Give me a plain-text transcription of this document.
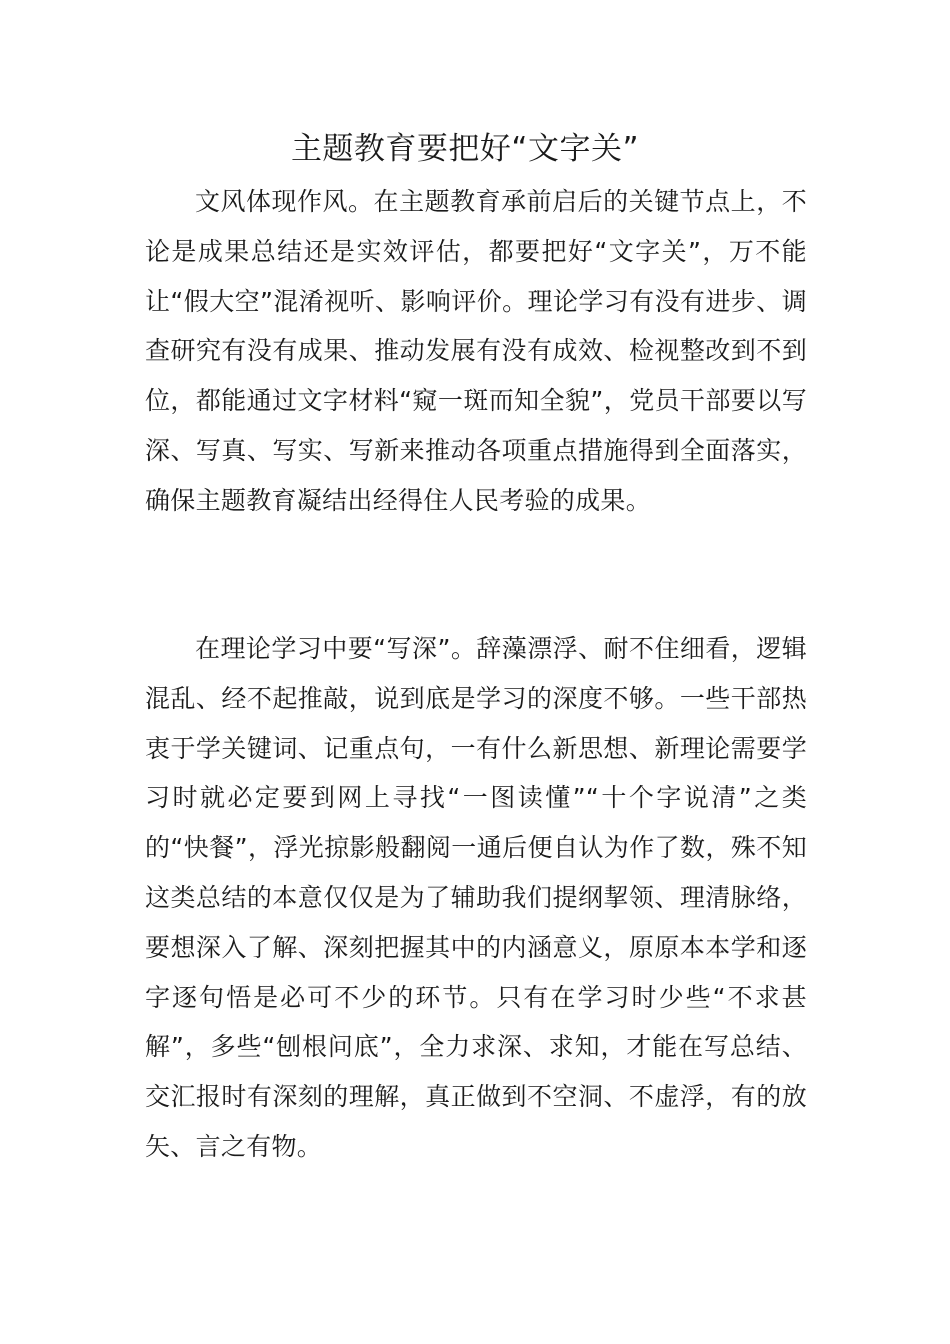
主题教育要把好“文字关”

文风体现作风。在主题教育承前启后的关键节点上，不论是成果总结还是实效评估，都要把好“文字关”，万不能让“假大空”混淆视听、影响评价。理论学习有没有进步、调查研究有没有成果、推动发展有没有成效、检视整改到不到位，都能通过文字材料“窥一斑而知全貌”，党员干部要以写深、写真、写实、写新来推动各项重点措施得到全面落实，确保主题教育凝结出经得住人民考验的成果。

在理论学习中要“写深”。辞藻漂浮、耐不住细看，逻辑混乱、经不起推敲，说到底是学习的深度不够。一些干部热衷于学关键词、记重点句，一有什么新思想、新理论需要学习时就必定要到网上寻找“一图读懂”“十个字说清”之类的“快餐”，浮光掠影般翻阅一通后便自认为作了数，殊不知这类总结的本意仅仅是为了辅助我们提纲挈领、理清脉络，要想深入了解、深刻把握其中的内涵意义，原原本本学和逐字逐句悟是必可不少的环节。只有在学习时少些“不求甚解”，多些“刨根问底”，全力求深、求知，才能在写总结、交汇报时有深刻的理解，真正做到不空洞、不虚浮，有的放矢、言之有物。
